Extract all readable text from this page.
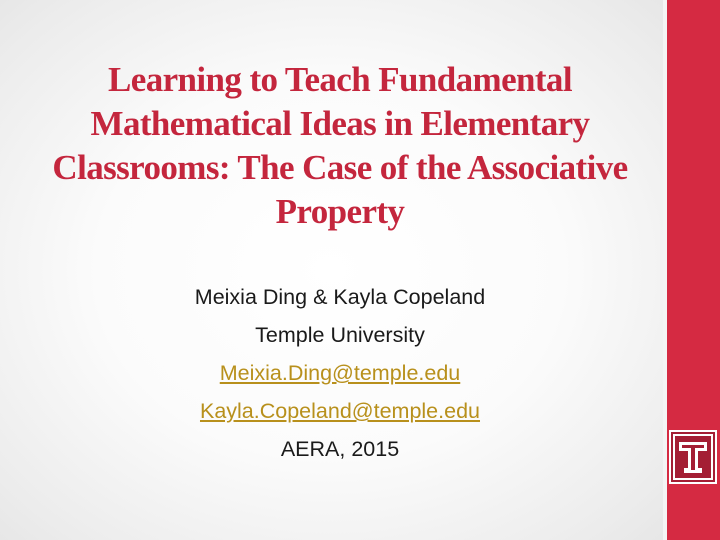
Learning to Teach Fundamental Mathematical Ideas in Elementary Classrooms: The Case of the Associative Property
Meixia Ding & Kayla Copeland
Temple University
Meixia.Ding@temple.edu
Kayla.Copeland@temple.edu
AERA, 2015
